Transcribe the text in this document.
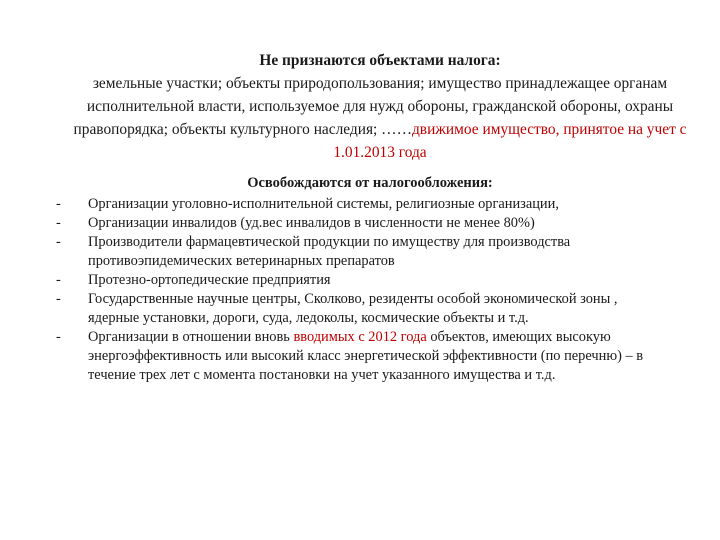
Не признаются объектами налога:
земельные участки; объекты природопользования; имущество принадлежащее органам исполнительной власти, используемое для нужд обороны, гражданской обороны, охраны правопорядка; объекты культурного наследия; ……движимое имущество, принятое на учет с 1.01.2013 года
Освобождаются от налогообложения:
- Организации уголовно-исполнительной системы, религиозные организации,
- Организации инвалидов (уд.вес инвалидов в численности не менее 80%)
- Производители фармацевтической продукции по имуществу для производства противоэпидемических ветеринарных препаратов
- Протезно-ортопедические предприятия
- Государственные научные центры, Сколково, резиденты особой экономической зоны , ядерные установки, дороги, суда, ледоколы, космические объекты и т.д.
- Организации в отношении вновь вводимых с 2012 года объектов, имеющих высокую энергоэффективность или высокий класс энергетической эффективности (по перечню) – в течение трех лет с момента постановки на учет указанного имущества и т.д.
